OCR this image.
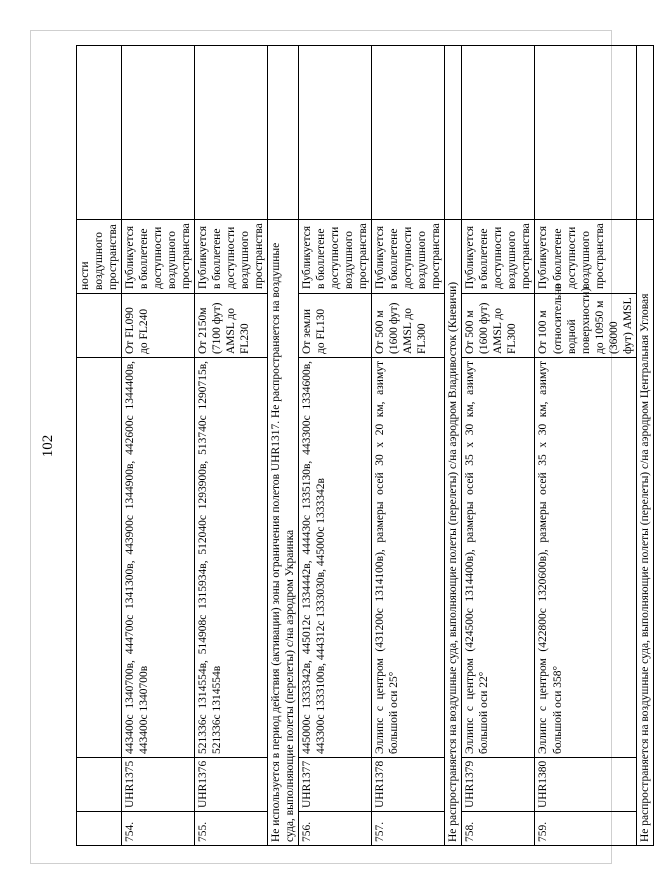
102
				ности воздушного пространства	
754.	UHR1375	443400с 1340700в, 444700с 1341300в, 443900с 1344900в, 442600с 1344400в, 443400с 1340700в	От FL090 до FL240	Публикуется в бюллетене доступности воздушного пространства	
755.	UHR1376	521336с 1314554в, 514908с 1315934в, 512040с 1293900в, 513740с 1290715в, 521336с 1314554в	От 2150м (7100 фут) AMSL до FL230	Публикуется в бюллетене доступности воздушного пространства	
Не используется в период действия (активации) зоны ограничения полетов UHR1317. Не распространяется на воздушные суда, выполняющие полеты (перелеты) с/на аэродром Украинка					
756.	UHR1377	445000с 1333342в, 445012с 1334442в, 444430с 1335130в, 443300с 1334600в, 443300с 1333100в, 444312с 1333030в, 445000с 1333342в	От земли до FL130	Публикуется в бюллетене доступности воздушного пространства	
757.	UHR1378	Эллипс с центром (431200с 1314100в), размеры осей 30 x 20 км, азимут большой оси 25°	От 500 м (1600 фут) AMSL до FL300	Публикуется в бюллетене доступности воздушного пространства	
Не распространяется на воздушные суда, выполняющие полеты (перелеты) с/на аэродром Владивосток (Кневичи)					
758.	UHR1379	Эллипс с центром (424500с 1314400в), размеры осей 35 x 30 км, азимут большой оси 22°	От 500 м (1600 фут) AMSL до FL300	Публикуется в бюллетене доступности воздушного пространства	
759.	UHR1380	Эллипс с центром (422800с 1320600в), размеры осей 35 x 30 км, азимут большой оси 358°	От 100 м (относительно водной поверхности) до 10950 м (36000 фут) AMSL	Публикуется в бюллетене доступности воздушного пространства	
Не распространяется на воздушные суда, выполняющие полеты (перелеты) с/на аэродром Центральная Угловая					
